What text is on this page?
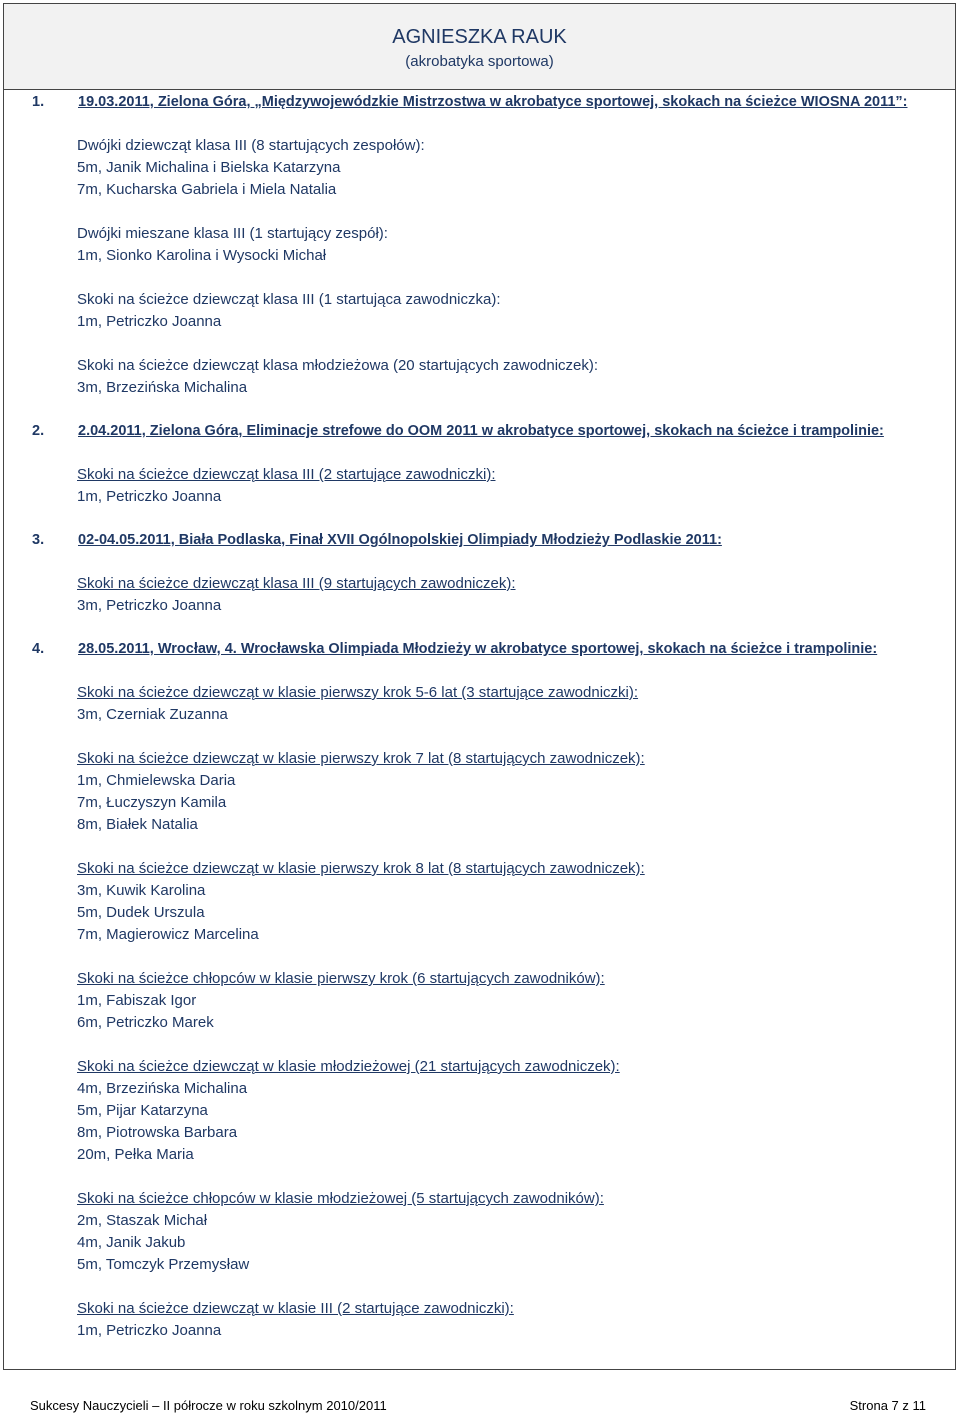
AGNIESZKA RAUK
(akrobatyka sportowa)
1.	19.03.2011, Zielona Góra, „Międzywojewódzkie Mistrzostwa w akrobatyce sportowej, skokach na ścieżce WIOSNA 2011”:
Dwójki dziewcząt klasa III (8 startujących zespołów):
5m, Janik Michalina i Bielska Katarzyna
7m, Kucharska Gabriela i Miela Natalia
Dwójki mieszane klasa III (1 startujący zespół):
1m, Sionko Karolina i Wysocki Michał
Skoki na ścieżce dziewcząt klasa III (1 startująca zawodniczka):
1m, Petriczko Joanna
Skoki na ścieżce dziewcząt klasa młodzieżowa (20 startujących zawodniczek):
3m, Brzezińska Michalina
2.	2.04.2011, Zielona Góra, Eliminacje strefowe do OOM 2011 w akrobatyce sportowej, skokach na ścieżce i trampolinie:
Skoki na ścieżce dziewcząt klasa III (2 startujące zawodniczki):
1m, Petriczko Joanna
3.	02-04.05.2011, Biała Podlaska, Finał XVII Ogólnopolskiej Olimpiady Młodzieży Podlaskie 2011:
Skoki na ścieżce dziewcząt klasa III (9 startujących zawodniczek):
3m, Petriczko Joanna
4.	28.05.2011, Wrocław, 4. Wrocławska Olimpiada Młodzieży w akrobatyce sportowej, skokach na ścieżce i trampolinie:
Skoki na ścieżce dziewcząt w klasie pierwszy krok 5-6 lat (3 startujące zawodniczki):
3m, Czerniak Zuzanna
Skoki na ścieżce dziewcząt w klasie pierwszy krok 7 lat (8 startujących zawodniczek):
1m, Chmielewska Daria
7m, Łuczyszyn Kamila
8m, Białek Natalia
Skoki na ścieżce dziewcząt w klasie pierwszy krok 8 lat (8 startujących zawodniczek):
3m, Kuwik Karolina
5m, Dudek Urszula
7m, Magierowicz Marcelina
Skoki na ścieżce chłopców w klasie pierwszy krok (6 startujących zawodników):
1m, Fabiszak Igor
6m, Petriczko Marek
Skoki na ścieżce dziewcząt w klasie młodzieżowej (21 startujących zawodniczek):
4m, Brzezińska Michalina
5m, Pijar Katarzyna
8m, Piotrowska Barbara
20m, Pełka Maria
Skoki na ścieżce chłopców w klasie młodzieżowej (5 startujących zawodników):
2m, Staszak Michał
4m, Janik Jakub
5m, Tomczyk Przemysław
Skoki na ścieżce dziewcząt w klasie III (2 startujące zawodniczki):
1m, Petriczko Joanna
Sukcesy Nauczycieli – II półrocze w roku szkolnym 2010/2011	Strona 7 z 11
